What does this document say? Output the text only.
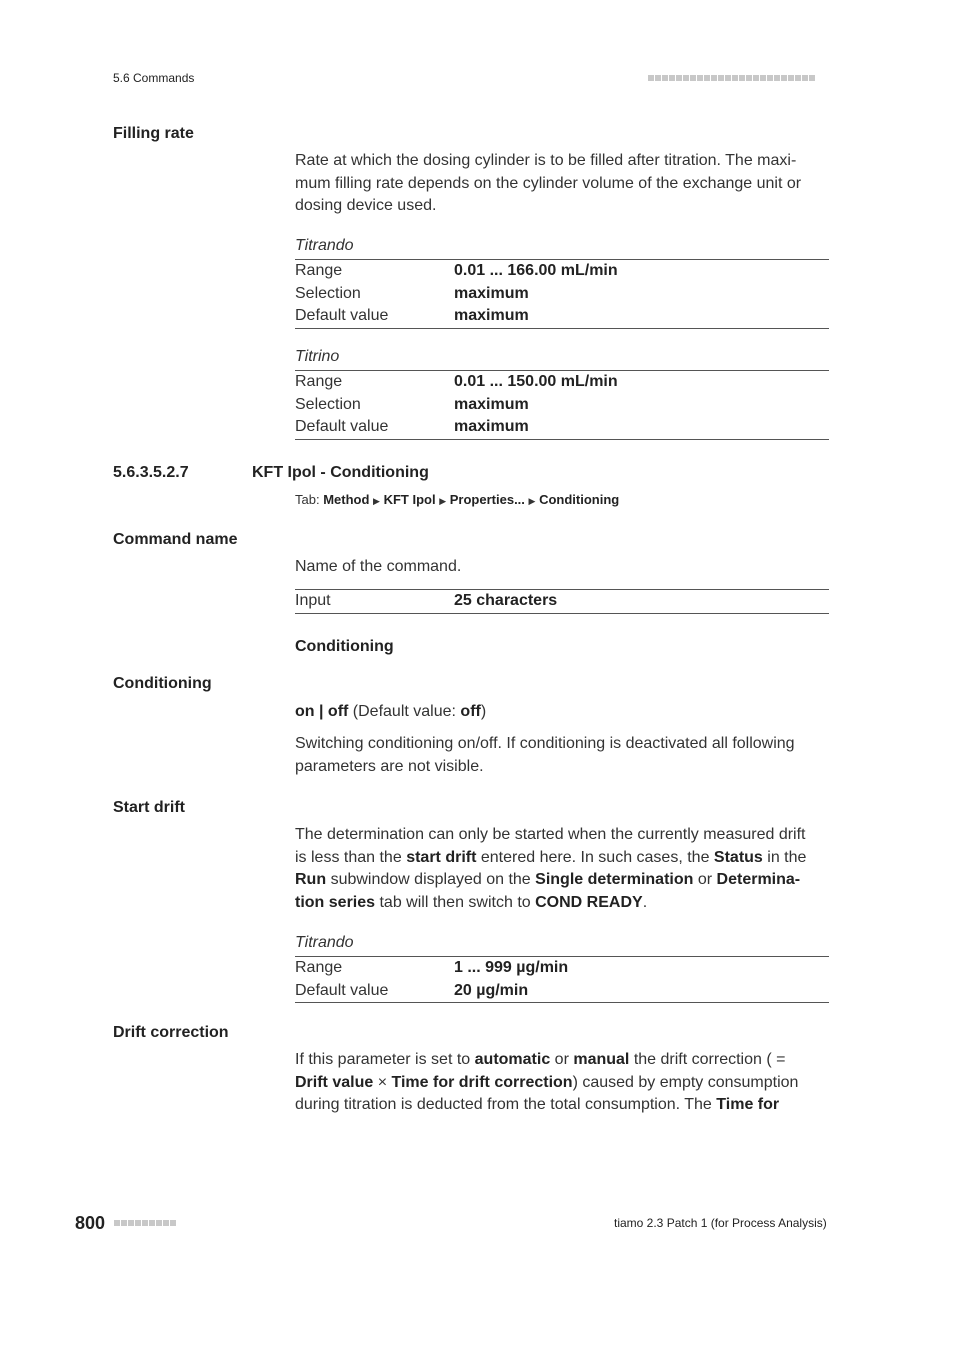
5.6 Commands
Filling rate
Rate at which the dosing cylinder is to be filled after titration. The maxi-
mum filling rate depends on the cylinder volume of the exchange unit or
dosing device used.
Titrando
Range	0.01 ... 166.00 mL/min
Selection	maximum
Default value	maximum
Titrino
Range	0.01 ... 150.00 mL/min
Selection	maximum
Default value	maximum
5.6.3.5.2.7	KFT Ipol - Conditioning
Tab: Method ▶ KFT Ipol ▶ Properties... ▶ Conditioning
Command name
Name of the command.
Input	25 characters
Conditioning
Conditioning
on | off (Default value: off)
Switching conditioning on/off. If conditioning is deactivated all following
parameters are not visible.
Start drift
The determination can only be started when the currently measured drift
is less than the start drift entered here. In such cases, the Status in the
Run subwindow displayed on the Single determination or Determina-
tion series tab will then switch to COND READY.
Titrando
Range	1 ... 999 µg/min
Default value	20 µg/min
Drift correction
If this parameter is set to automatic or manual the drift correction ( =
Drift value × Time for drift correction) caused by empty consumption
during titration is deducted from the total consumption. The Time for
800	tiamo 2.3 Patch 1 (for Process Analysis)
